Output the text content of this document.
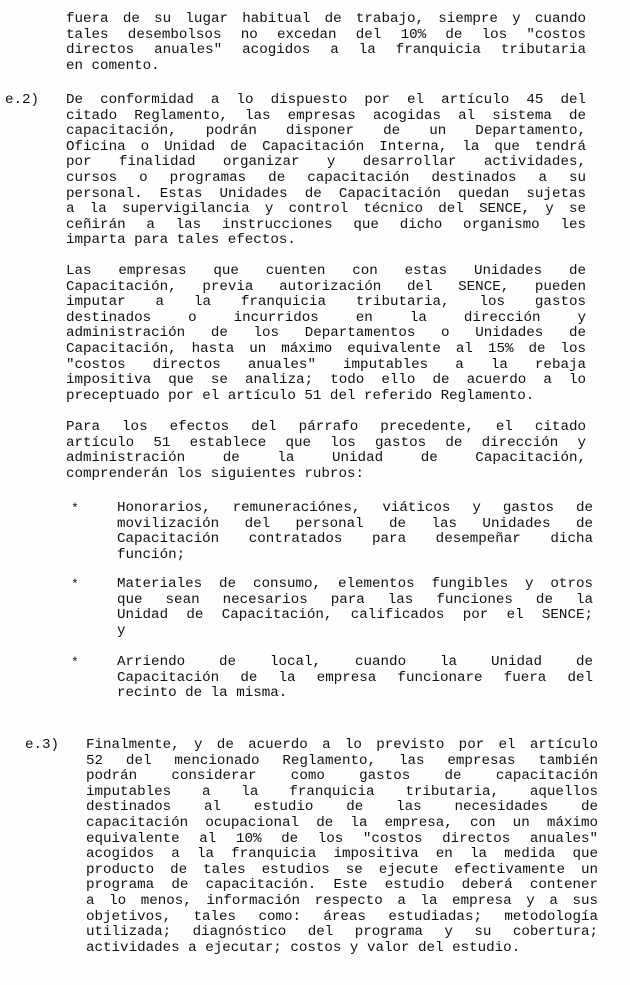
fuera de su lugar habitual de trabajo, siempre y cuando
tales desembolsos no excedan del 10% de los "costos
directos anuales" acogidos a la franquicia tributaria
en comento.
e.2) De conformidad a lo dispuesto por el artículo 45 del
citado Reglamento, las empresas acogidas al sistema de
capacitación, podrán disponer de un Departamento,
Oficina o Unidad de Capacitación Interna, la que tendrá
por finalidad organizar y desarrollar actividades,
cursos o programas de capacitación destinados a su
personal. Estas Unidades de Capacitación quedan sujetas
a la supervigilancia y control técnico del SENCE, y se
ceñirán a las instrucciones que dicho organismo les
imparta para tales efectos.
Las empresas que cuenten con estas Unidades de
Capacitación, previa autorización del SENCE, pueden
imputar a la franquicia tributaria, los gastos
destinados o incurridos en la dirección y
administración de los Departamentos o Unidades de
Capacitación, hasta un máximo equivalente al 15% de los
"costos directos anuales" imputables a la rebaja
impositiva que se analiza; todo ello de acuerdo a lo
preceptuado por el artículo 51 del referido Reglamento.
Para los efectos del párrafo precedente, el citado
artículo 51 establece que los gastos de dirección y
administración de la Unidad de Capacitación,
comprenderán los siguientes rubros:
*	Honorarios, remuneraciónes, viáticos y gastos de
movilización del personal de las Unidades de
Capacitación contratados para desempeñar dicha
función;
*	Materiales de consumo, elementos fungibles y otros
que sean necesarios para las funciones de la
Unidad de Capacitación, calificados por el SENCE;
y
*	Arriendo de local, cuando la Unidad de
Capacitación de la empresa funcionare fuera del
recinto de la misma.
e.3) Finalmente, y de acuerdo a lo previsto por el artículo
52 del mencionado Reglamento, las empresas también
podrán considerar como gastos de capacitación
imputables a la franquicia tributaria, aquellos
destinados al estudio de las necesidades de
capacitación ocupacional de la empresa, con un máximo
equivalente al 10% de los "costos directos anuales"
acogidos a la franquicia impositiva en la medida que
producto de tales estudios se ejecute efectivamente un
programa de capacitación. Este estudio deberá contener
a lo menos, información respecto a la empresa y a sus
objetivos, tales como: áreas estudiadas; metodología
utilizada; diagnóstico del programa y su cobertura;
actividades a ejecutar; costos y valor del estudio.
